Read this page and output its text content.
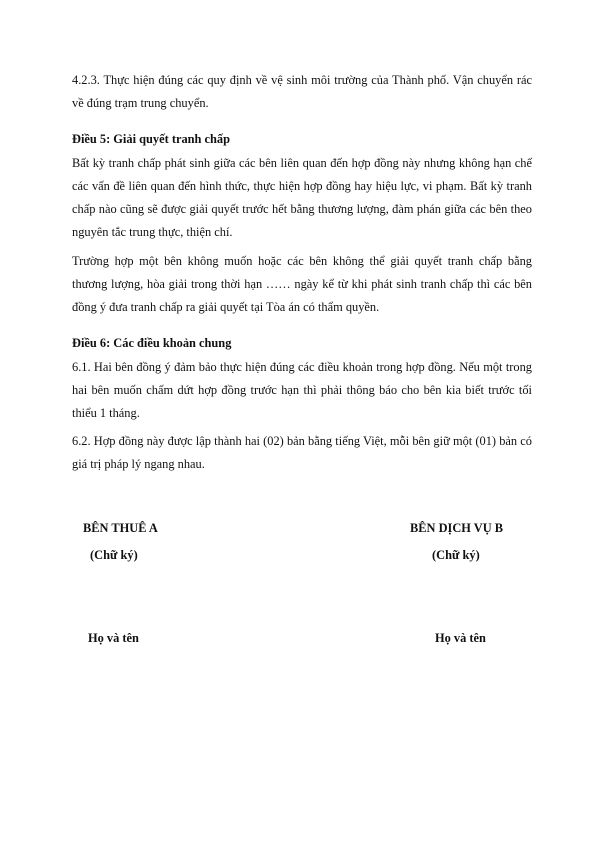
4.2.3. Thực hiện đúng các quy định về vệ sinh môi trường của Thành phố. Vận chuyển rác về đúng trạm trung chuyển.

Điều 5: Giải quyết tranh chấp

Bất kỳ tranh chấp phát sinh giữa các bên liên quan đến hợp đồng này nhưng không hạn chế các vấn đề liên quan đến hình thức, thực hiện hợp đồng hay hiệu lực, vi phạm. Bất kỳ tranh chấp nào cũng sẽ được giải quyết trước hết bằng thương lượng, đàm phán giữa các bên theo nguyên tắc trung thực, thiện chí.

Trường hợp một bên không muốn hoặc các bên không thể giải quyết tranh chấp bằng thương lượng, hòa giải trong thời hạn …… ngày kể từ khi phát sinh tranh chấp thì các bên đồng ý đưa tranh chấp ra giải quyết tại Tòa án có thẩm quyền.

Điều 6: Các điều khoản chung

6.1. Hai bên đồng ý đảm bảo thực hiện đúng các điều khoản trong hợp đồng. Nếu một trong hai bên muốn chấm dứt hợp đồng trước hạn thì phải thông báo cho bên kia biết trước tối thiểu 1 tháng.

6.2. Hợp đồng này được lập thành hai (02) bản bằng tiếng Việt, mỗi bên giữ một (01) bản có giá trị pháp lý ngang nhau.

BÊN THUÊ A
(Chữ ký)
Họ và tên
BÊN DỊCH VỤ B
(Chữ ký)
Họ và tên
